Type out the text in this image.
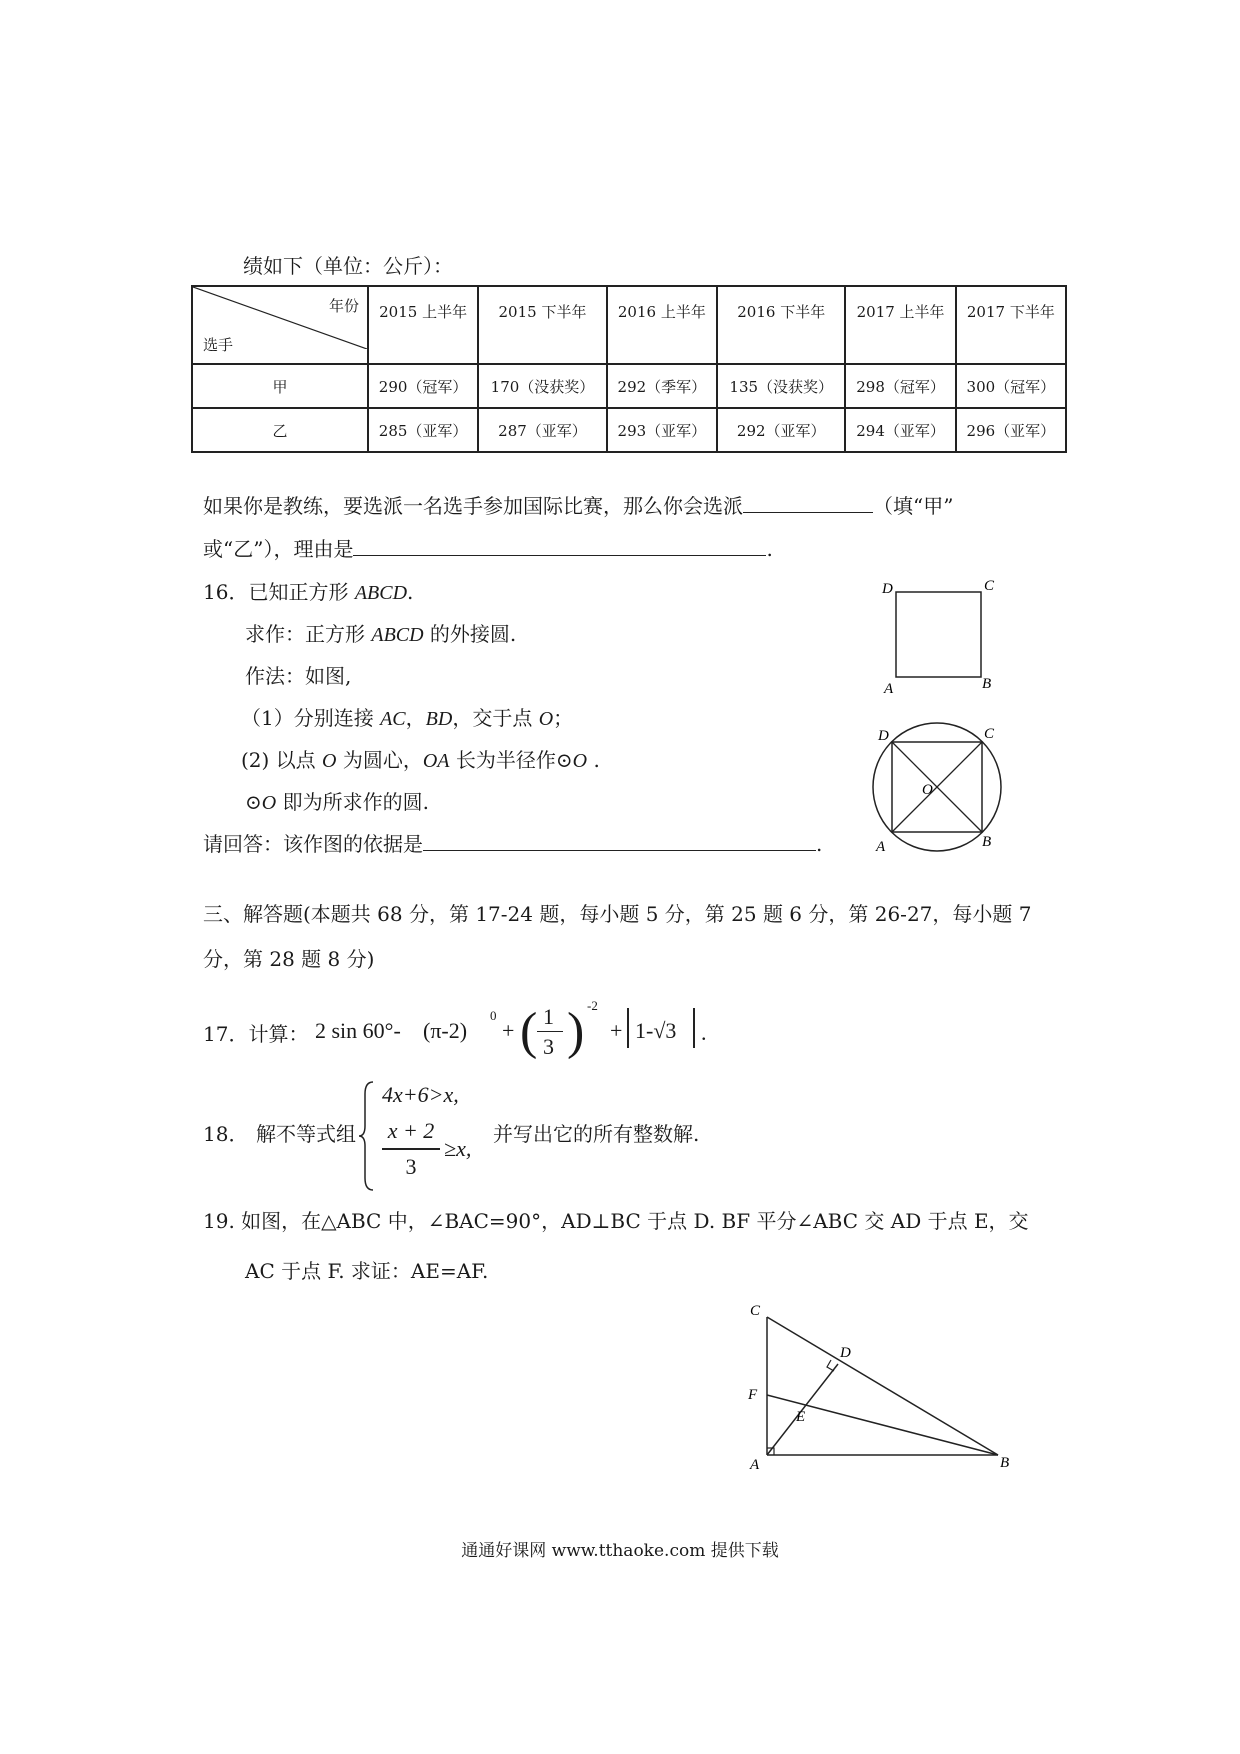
绩如下（单位：公斤）：
年份
选手	2015 上半年	2015 下半年	2016 上半年	2016 下半年	2017 上半年	2017 下半年
甲	290（冠军）	170（没获奖）	292（季军）	135（没获奖）	298（冠军）	300（冠军）
乙	285（亚军）	287（亚军）	293（亚军）	292（亚军）	294（亚军）	296（亚军）
如果你是教练，要选派一名选手参加国际比赛，那么你会选派	（填“甲”
或“乙”），理由是	.
16．已知正方形 ABCD.
求作：正方形 ABCD 的外接圆.
作法：如图,
（1）分别连接 AC，BD，交于点 O；
(2) 以点 O 为圆心，OA 长为半径作⊙O .
⊙O 即为所求作的圆.
请回答：该作图的依据是	.
D	C
A	B
D	C
A	B
O
三、解答题(本题共 68 分，第 17-24 题，每小题 5 分，第 25 题 6 分，第 26-27，每小题 7
分，第 28 题 8 分)
17．计算： 2 sin 60°- (π-2)
0
+ ( 1
3 ) -2
+ 1-√3 .
18． 解不等式组
4x+6>x,
x + 2
3
≥x,
并写出它的所有整数解.
19. 如图，在△ABC 中，∠BAC=90°，AD⊥BC 于点 D. BF 平分∠ABC 交 AD 于点 E，交
AC 于点 F. 求证：AE=AF.
C
D
F
E
A	B
通通好课网 www.tthaoke.com 提供下载
